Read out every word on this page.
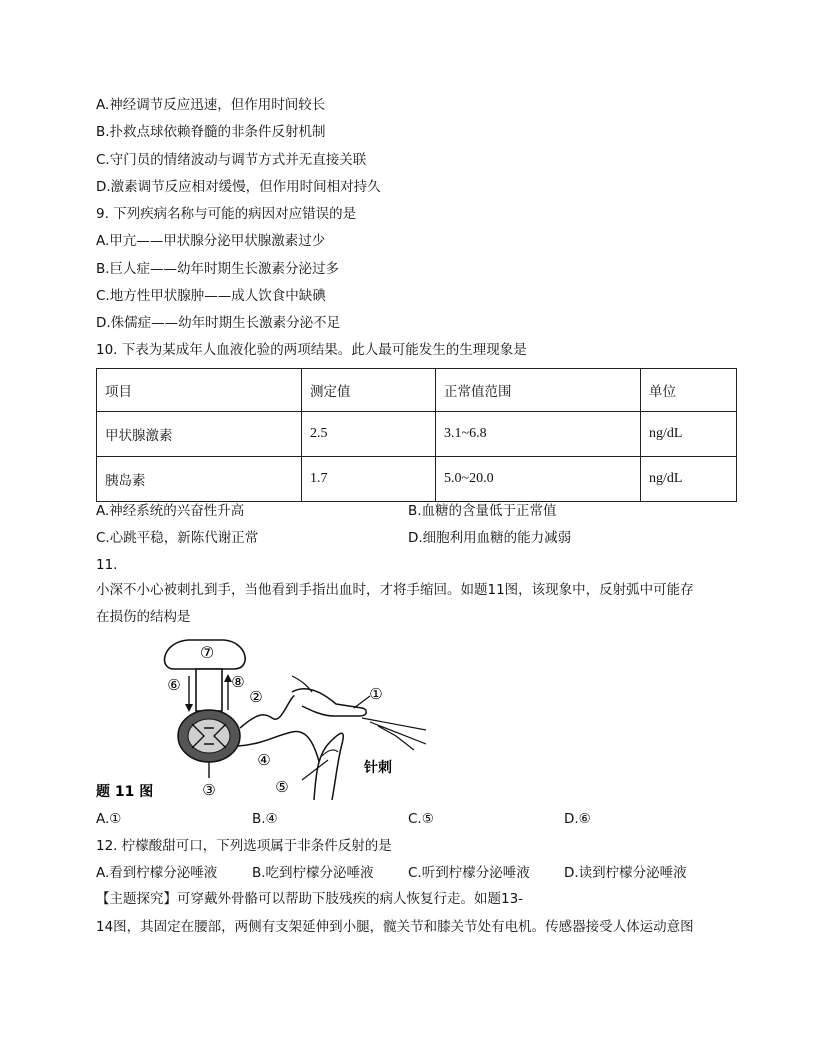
A.神经调节反应迅速，但作用时间较长
B.扑救点球依赖脊髓的非条件反射机制
C.守门员的情绪波动与调节方式并无直接关联
D.激素调节反应相对缓慢，但作用时间相对持久
9. 下列疾病名称与可能的病因对应错误的是
A.甲亢——甲状腺分泌甲状腺激素过少
B.巨人症——幼年时期生长激素分泌过多
C.地方性甲状腺肿——成人饮食中缺碘
D.侏儒症——幼年时期生长激素分泌不足
10. 下表为某成年人血液化验的两项结果。此人最可能发生的生理现象是
项目	测定值	正常值范围	单位
甲状腺激素	2.5	3.1~6.8	ng/dL
胰岛素	1.7	5.0~20.0	ng/dL
A.神经系统的兴奋性升高	B.血糖的含量低于正常值
C.心跳平稳，新陈代谢正常	D.细胞利用血糖的能力减弱
11.
小深不小心被刺扎到手，当他看到手指出血时，才将手缩回。如题11图，该现象中，反射弧中可能存
在损伤的结构是
⑦
⑥	⑧
③
②
④
①
⑤
针刺
题 11 图
A.①	B.④	C.⑤	D.⑥
12. 柠檬酸甜可口，下列选项属于非条件反射的是
A.看到柠檬分泌唾液	B.吃到柠檬分泌唾液	C.听到柠檬分泌唾液	D.读到柠檬分泌唾液
【主题探究】可穿戴外骨骼可以帮助下肢残疾的病人恢复行走。如题13-
14图，其固定在腰部，两侧有支架延伸到小腿，髋关节和膝关节处有电机。传感器接受人体运动意图
